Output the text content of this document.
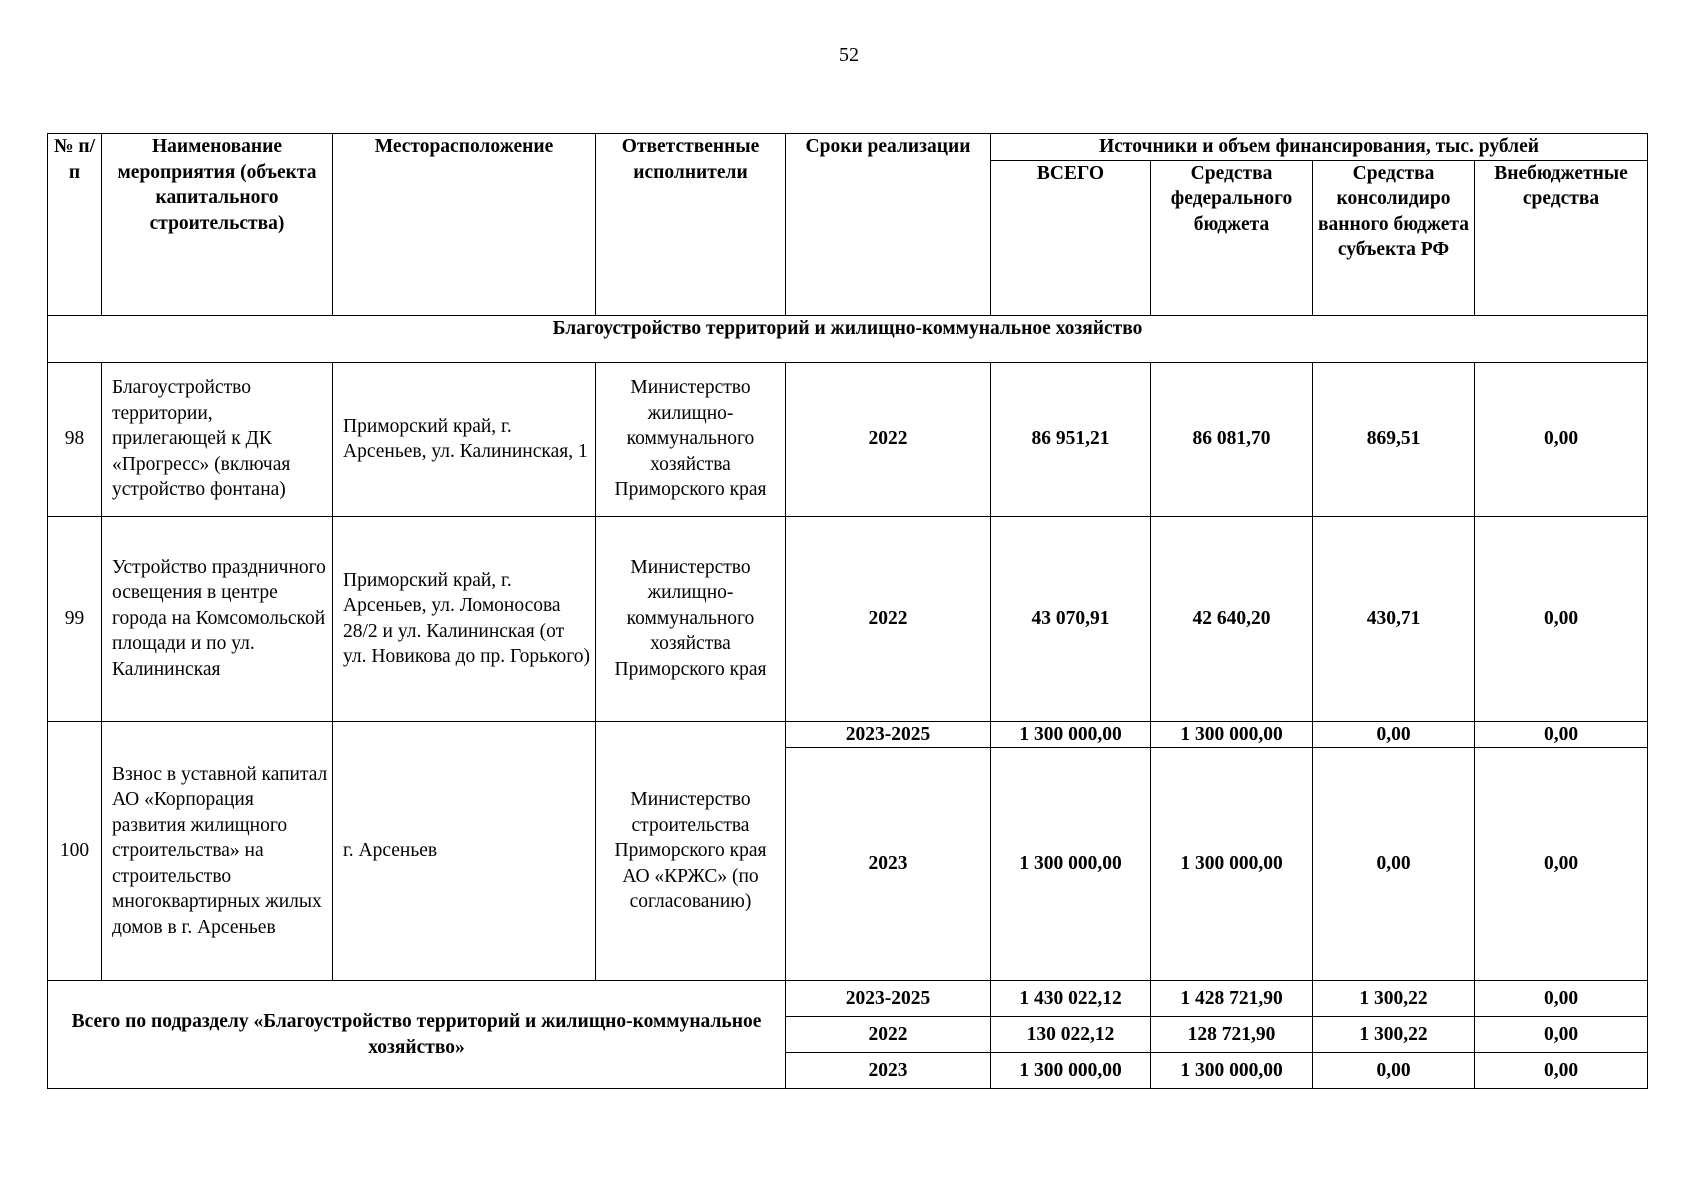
52
№ п/п	Наименование мероприятия (объекта капитального строительства)	Месторасположение	Ответственные исполнители	Сроки реализации	Источники и объем финансирования, тыс. рублей			
					ВСЕГО	Средства федерального бюджета	Средства консолидиро ванного бюджета субъекта РФ	Внебюджетные средства
Благоустройство территорий и жилищно-коммунальное хозяйство								
98	Благоустройство территории, прилегающей к ДК «Прогресс» (включая устройство фонтана)	Приморский край, г. Арсеньев, ул. Калининская, 1	Министерство жилищно-коммунального хозяйства Приморского края	2022	86 951,21	86 081,70	869,51	0,00
99	Устройство праздничного освещения в центре города на Комсомольской площади и по ул. Калининская	Приморский край, г. Арсеньев, ул. Ломоносова 28/2 и ул. Калининская (от ул. Новикова до пр. Горького)	Министерство жилищно-коммунального хозяйства Приморского края	2022	43 070,91	42 640,20	430,71	0,00
100	Взнос в уставной капитал АО «Корпорация развития жилищного строительства» на строительство многоквартирных жилых домов в г. Арсеньев	г. Арсеньев	Министерство строительства Приморского края АО «КРЖС» (по согласованию)	2023-2025	1 300 000,00	1 300 000,00	0,00	0,00
				2023	1 300 000,00	1 300 000,00	0,00	0,00
Всего по подразделу «Благоустройство территорий и жилищно-коммунальное хозяйство»				2023-2025	1 430 022,12	1 428 721,90	1 300,22	0,00
				2022	130 022,12	128 721,90	1 300,22	0,00
				2023	1 300 000,00	1 300 000,00	0,00	0,00
